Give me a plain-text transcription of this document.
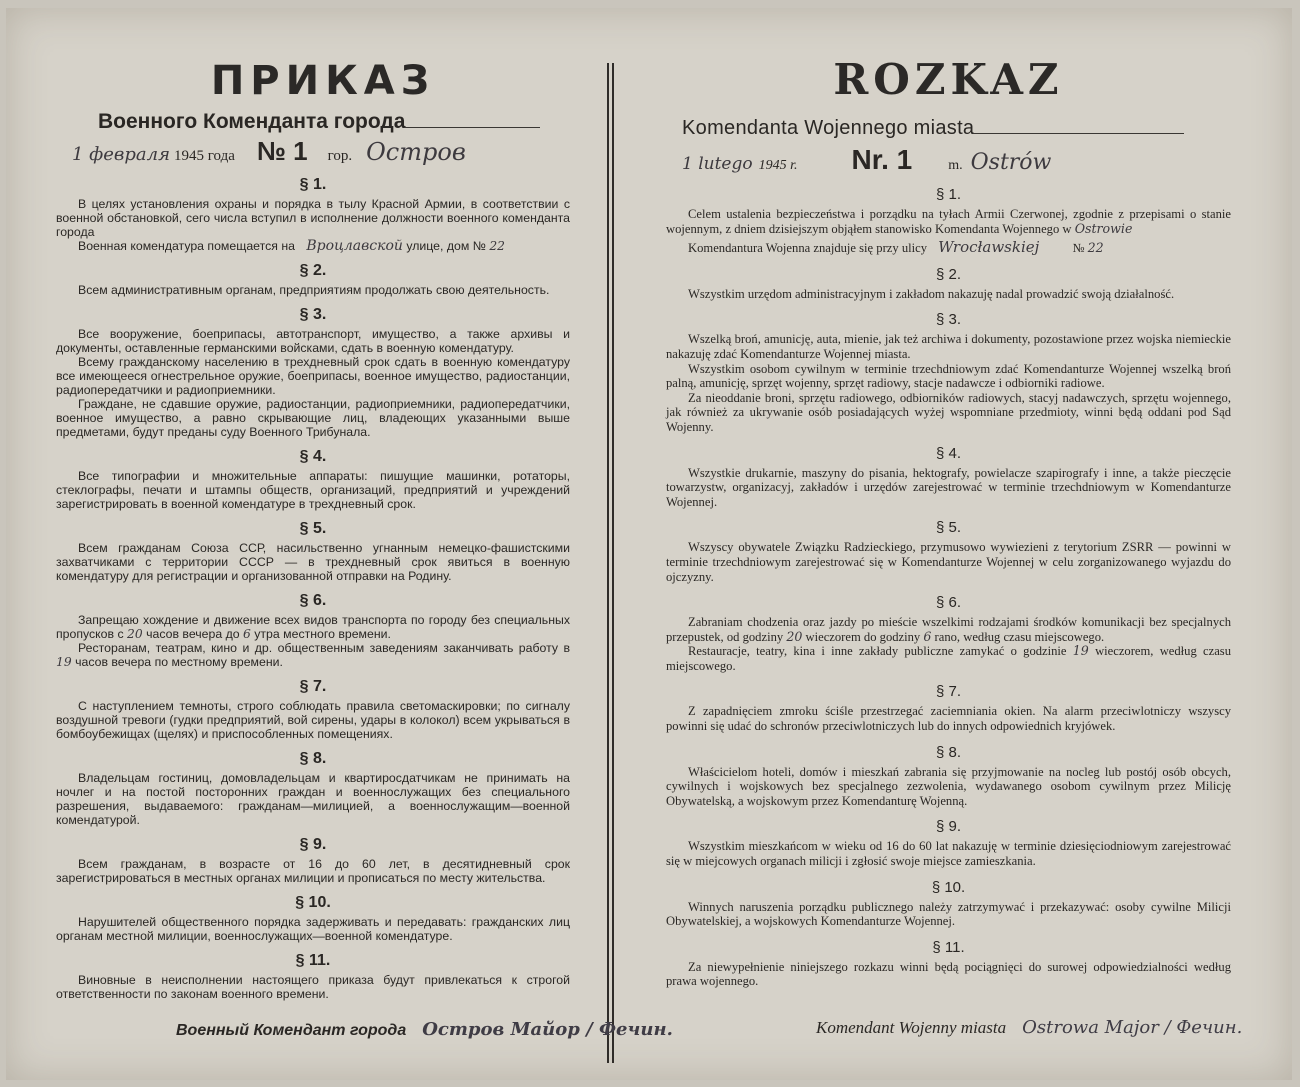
ПРИКАЗ
Военного Коменданта города
1 февраля 1945 года № 1 гор. Остров
§ 1.
В целях установления охраны и порядка в тылу Красной Армии, в соответствии с военной обстановкой, сего числа вступил в исполнение должности военного коменданта города
Военная комендатура помещается на Вроцлавской улице, дом № 22
§ 2.
Всем административным органам, предприятиям продолжать свою деятельность.
§ 3.
Все вооружение, боеприпасы, автотранспорт, имущество, а также архивы и документы, оставленные германскими войсками, сдать в военную комендатуру.
Всему гражданскому населению в трехдневный срок сдать в военную комендатуру все имеющееся огнестрельное оружие, боеприпасы, военное имущество, радиостанции, радиопередатчики и радиоприемники.
Граждане, не сдавшие оружие, радиостанции, радиоприемники, радиопередатчики, военное имущество, а равно скрывающие лиц, владеющих указанными выше предметами, будут преданы суду Военного Трибунала.
§ 4.
Все типографии и множительные аппараты: пишущие машинки, ротаторы, стеклографы, печати и штампы обществ, организаций, предприятий и учреждений зарегистрировать в военной комендатуре в трехдневный срок.
§ 5.
Всем гражданам Союза ССР, насильственно угнанным немецко-фашистскими захватчиками с территории СССР — в трехдневный срок явиться в военную комендатуру для регистрации и организованной отправки на Родину.
§ 6.
Запрещаю хождение и движение всех видов транспорта по городу без специальных пропусков с 20 часов вечера до 6 утра местного времени.
Ресторанам, театрам, кино и др. общественным заведениям заканчивать работу в 19 часов вечера по местному времени.
§ 7.
С наступлением темноты, строго соблюдать правила светомаскировки; по сигналу воздушной тревоги (гудки предприятий, вой сирены, удары в колокол) всем укрываться в бомбоубежищах (щелях) и приспособленных помещениях.
§ 8.
Владельцам гостиниц, домовладельцам и квартиросдатчикам не принимать на ночлег и на постой посторонних граждан и военнослужащих без специального разрешения, выдаваемого: гражданам—милицией, а военнослужащим—военной комендатурой.
§ 9.
Всем гражданам, в возрасте от 16 до 60 лет, в десятидневный срок зарегистрироваться в местных органах милиции и прописаться по месту жительства.
§ 10.
Нарушителей общественного порядка задерживать и передавать: гражданских лиц органам местной милиции, военнослужащих—военной комендатуре.
§ 11.
Виновные в неисполнении настоящего приказа будут привлекаться к строгой ответственности по законам военного времени.
Военный Комендант города Остров Майор / Фечин.
ROZKAZ
Komendanta Wojennego miasta
1 lutego 1945 r. Nr. 1	m. Ostrów
§ 1.
Celem ustalenia bezpieczeństwa i porządku na tyłach Armii Czerwonej, zgodnie z przepisami o stanie wojennym, z dniem dzisiejszym objąłem stanowisko Komendanta Wojennego w Ostrowie
Komendantura Wojenna znajduje się przy ulicy Wrocławskiej	№ 22
§ 2.
Wszystkim urzędom administracyjnym i zakładom nakazuję nadal prowadzić swoją działalność.
§ 3.
Wszelką broń, amunicję, auta, mienie, jak też archiwa i dokumenty, pozostawione przez wojska niemieckie nakazuję zdać Komendanturze Wojennej miasta.
Wszystkim osobom cywilnym w terminie trzechdniowym zdać Komendanturze Wojennej wszelką broń palną, amunicję, sprzęt wojenny, sprzęt radiowy, stacje nadawcze i odbiorniki radiowe.
Za nieoddanie broni, sprzętu radiowego, odbiorników radiowych, stacyj nadawczych, sprzętu wojennego, jak również za ukrywanie osób posiadających wyżej wspomniane przedmioty, winni będą oddani pod Sąd Wojenny.
§ 4.
Wszystkie drukarnie, maszyny do pisania, hektografy, powielacze szapirografy i inne, a także pieczęcie towarzystw, organizacyj, zakładów i urzędów zarejestrować w terminie trzechdniowym w Komendanturze Wojennej.
§ 5.
Wszyscy obywatele Związku Radzieckiego, przymusowo wywiezieni z terytorium ZSRR — powinni w terminie trzechdniowym zarejestrować się w Komendanturze Wojennej w celu zorganizowanego wyjazdu do ojczyzny.
§ 6.
Zabraniam chodzenia oraz jazdy po mieście wszelkimi rodzajami środków komunikacji bez specjalnych przepustek, od godziny 20 wieczorem do godziny 6 rano, według czasu miejscowego.
Restauracje, teatry, kina i inne zakłady publiczne zamykać o godzinie 19 wieczorem, według czasu miejscowego.
§ 7.
Z zapadnięciem zmroku ściśle przestrzegać zaciemniania okien. Na alarm przeciwlotniczy wszyscy powinni się udać do schronów przeciwlotniczych lub do innych odpowiednich kryjówek.
§ 8.
Właścicielom hoteli, domów i mieszkań zabrania się przyjmowanie na nocleg lub postój osób obcych, cywilnych i wojskowych bez specjalnego zezwolenia, wydawanego osobom cywilnym przez Milicję Obywatelską, a wojskowym przez Komendanturę Wojenną.
§ 9.
Wszystkim mieszkańcom w wieku od 16 do 60 lat nakazuję w terminie dziesięciodniowym zarejestrować się w miejcowych organach milicji i zgłosić swoje miejsce zamieszkania.
§ 10.
Winnych naruszenia porządku publicznego należy zatrzymywać i przekazywać: osoby cywilne Milicji Obywatelskiej, a wojskowych Komendanturze Wojennej.
§ 11.
Za niewypełnienie niniejszego rozkazu winni będą pociągnięci do surowej odpowiedzialności według prawa wojennego.
Komendant Wojenny miasta Ostrowa Major / Фечин.
